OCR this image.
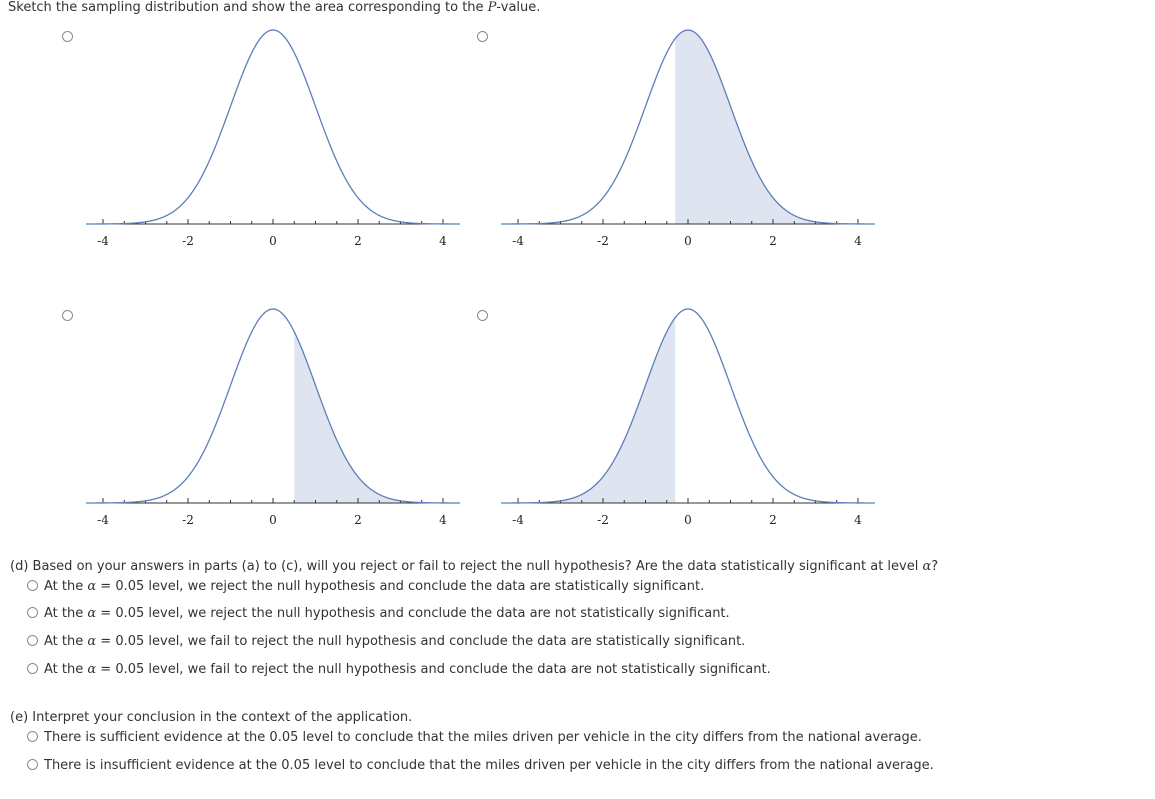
Sketch the sampling distribution and show the area corresponding to the P-value.
-4	-2	0	2	4	-4	-2	0	2	4
-4	-2	0	2	4	-4	-2	0	2	4
(d) Based on your answers in parts (a) to (c), will you reject or fail to reject the null hypothesis? Are the data statistically significant at level α?
At the α = 0.05 level, we reject the null hypothesis and conclude the data are statistically significant.
At the α = 0.05 level, we reject the null hypothesis and conclude the data are not statistically significant.
At the α = 0.05 level, we fail to reject the null hypothesis and conclude the data are statistically significant.
At the α = 0.05 level, we fail to reject the null hypothesis and conclude the data are not statistically significant.
(e) Interpret your conclusion in the context of the application.
There is sufficient evidence at the 0.05 level to conclude that the miles driven per vehicle in the city differs from the national average.
There is insufficient evidence at the 0.05 level to conclude that the miles driven per vehicle in the city differs from the national average.
